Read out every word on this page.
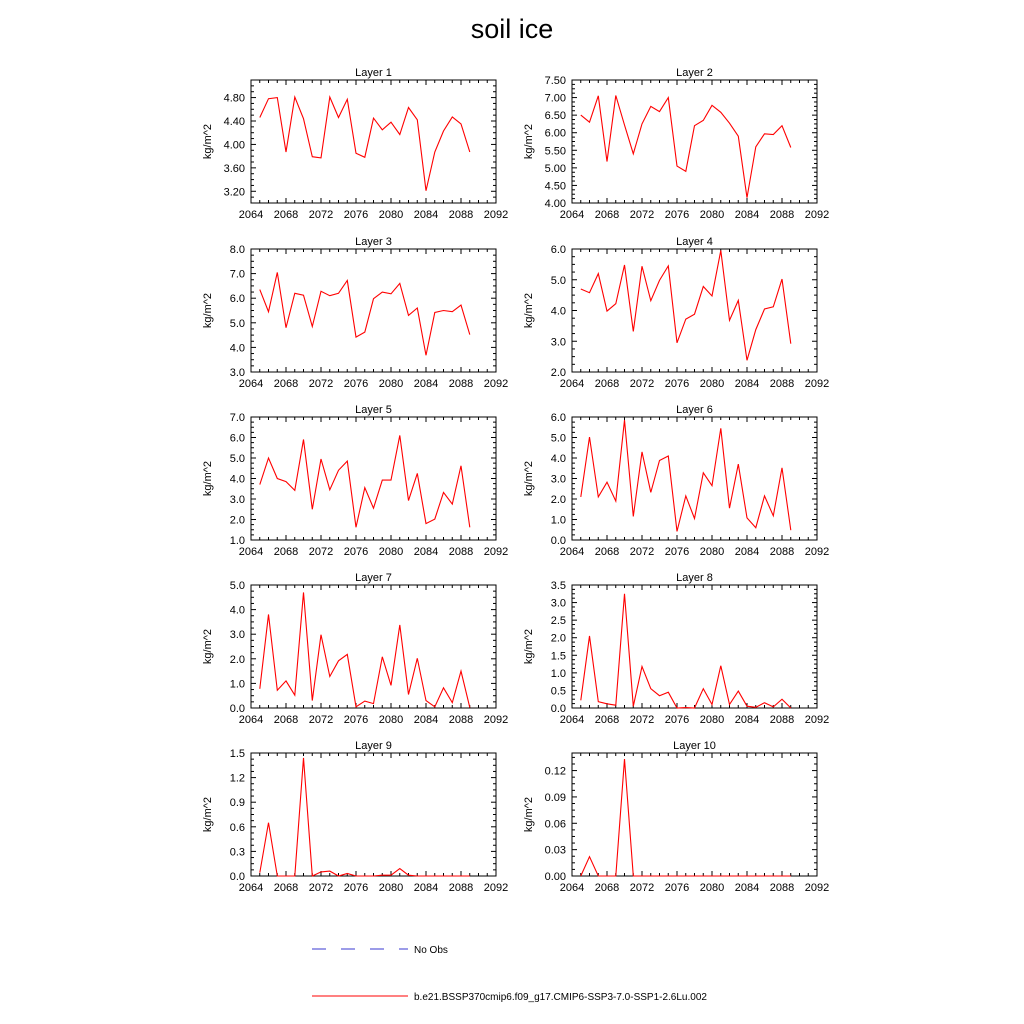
soil ice
Layer 1
kg/m^2
2064 2068 2072 2076 2080 2084 2088 2092
3.20
3.60
4.00
4.40
4.80
Layer 2
kg/m^2
2064 2068 2072 2076 2080 2084 2088 2092
4.00
4.50
5.00
5.50
6.00
6.50
7.00
7.50
Layer 3
kg/m^2
2064 2068 2072 2076 2080 2084 2088 2092
3.0
4.0
5.0
6.0
7.0
8.0
Layer 4
kg/m^2
2064 2068 2072 2076 2080 2084 2088 2092
2.0
3.0
4.0
5.0
6.0
Layer 5
kg/m^2
2064 2068 2072 2076 2080 2084 2088 2092
1.0
2.0
3.0
4.0
5.0
6.0
7.0
Layer 6
kg/m^2
2064 2068 2072 2076 2080 2084 2088 2092
0.0
1.0
2.0
3.0
4.0
5.0
6.0
Layer 7
kg/m^2
2064 2068 2072 2076 2080 2084 2088 2092
0.0
1.0
2.0
3.0
4.0
5.0
Layer 8
kg/m^2
2064 2068 2072 2076 2080 2084 2088 2092
0.0
0.5
1.0
1.5
2.0
2.5
3.0
3.5
Layer 9
kg/m^2
2064 2068 2072 2076 2080 2084 2088 2092
0.0
0.3
0.6
0.9
1.2
1.5
Layer 10
kg/m^2
2064 2068 2072 2076 2080 2084 2088 2092
0.00
0.03
0.06
0.09
0.12
No Obs
b.e21.BSSP370cmip6.f09_g17.CMIP6-SSP3-7.0-SSP1-2.6Lu.002
